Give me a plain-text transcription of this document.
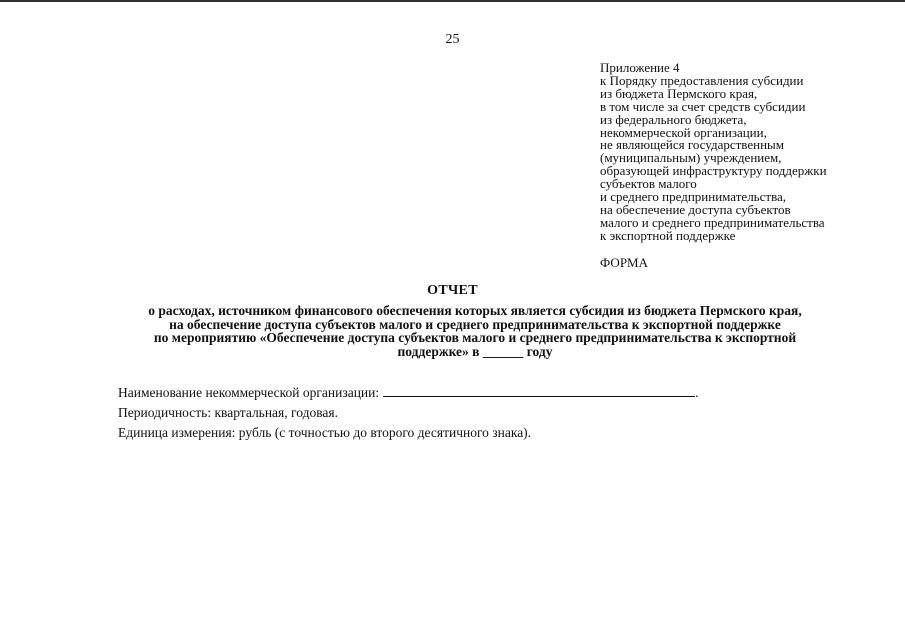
25
Приложение 4
к Порядку предоставления субсидии
из бюджета Пермского края,
в том числе за счет средств субсидии
из федерального бюджета,
некоммерческой организации,
не являющейся государственным
(муниципальным) учреждением,
образующей инфраструктуру поддержки
субъектов малого
и среднего предпринимательства,
на обеспечение доступа субъектов
малого и среднего предпринимательства
к экспортной поддержке
ФОРМА
ОТЧЕТ
о расходах, источником финансового обеспечения которых является субсидия из бюджета Пермского края,
на обеспечение доступа субъектов малого и среднего предпринимательства к экспортной поддержке
по мероприятию «Обеспечение доступа субъектов малого и среднего предпринимательства к экспортной
поддержке» в ______ году
Наименование некоммерческой организации:	.
Периодичность: квартальная, годовая.
Единица измерения: рубль (с точностью до второго десятичного знака).
